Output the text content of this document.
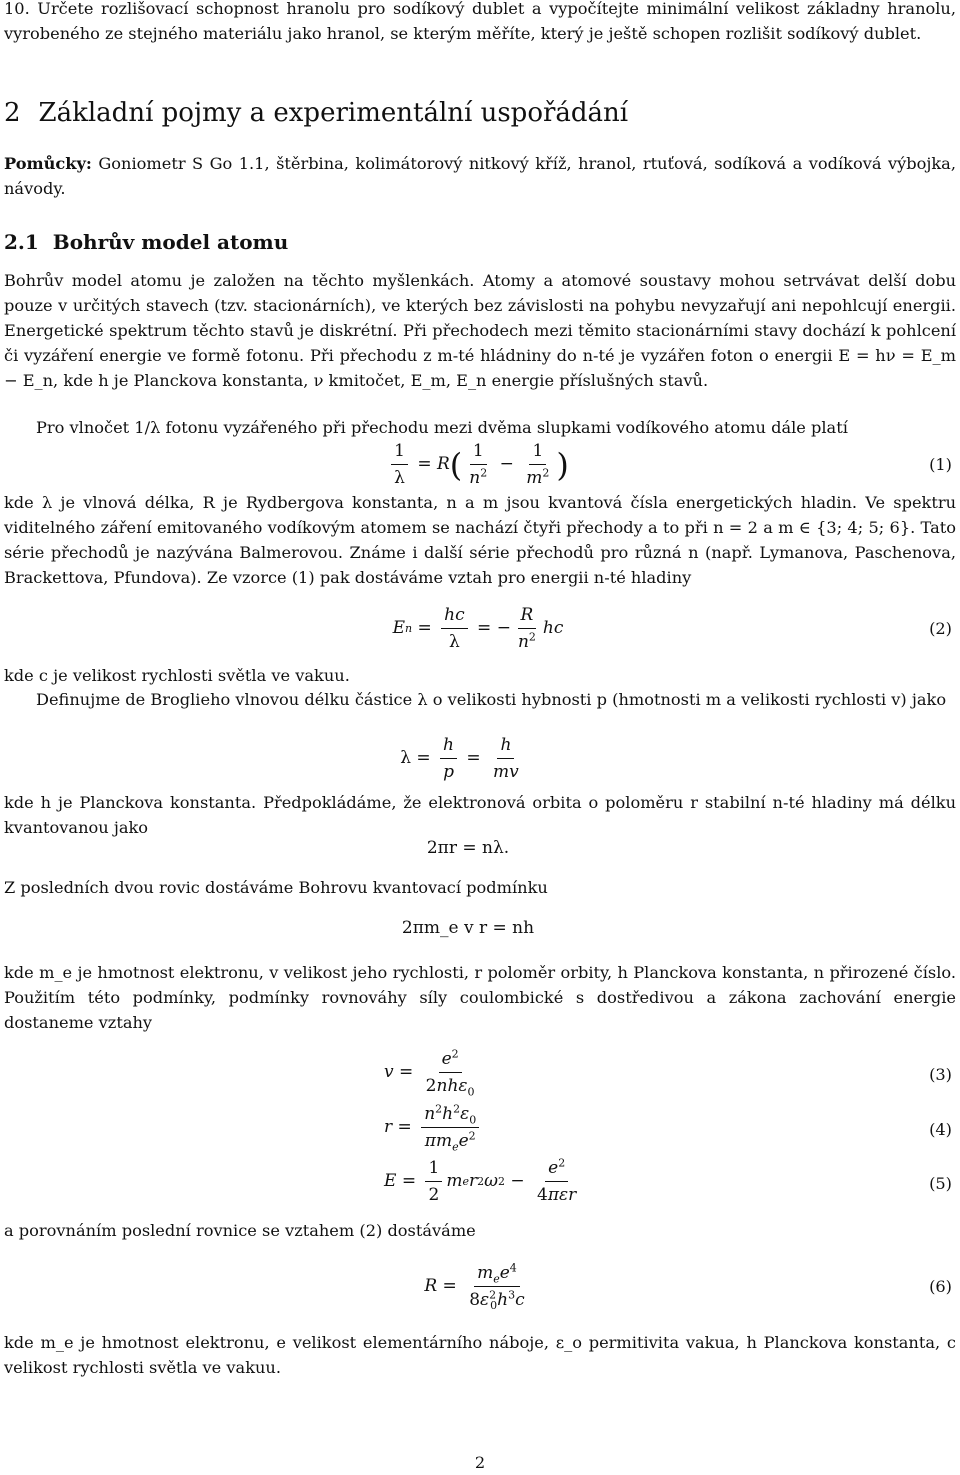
10. Určete rozlišovací schopnost hranolu pro sodíkový dublet a vypočítejte minimální velikost základny hranolu, vyrobeného ze stejného materiálu jako hranol, se kterým měříte, který je ještě schopen rozlišit sodíkový dublet.

2 Základní pojmy a experimentální uspořádání

Pomůcky: Goniometr S Go 1.1, štěrbina, kolimátorový nitkový kříž, hranol, rtuťová, sodíková a vodíková výbojka, návody.

2.1 Bohrův model atomu

Bohrův model atomu je založen na těchto myšlenkách. Atomy a atomové soustavy mohou setrvávat delší dobu pouze v určitých stavech (tzv. stacionárních), ve kterých bez závislosti na pohybu nevyzařují ani nepohlcují energii. Energetické spektrum těchto stavů je diskrétní. Při přechodech mezi těmito stacionárními stavy dochází k pohlcení či vyzáření energie ve formě fotonu. Při přechodu z m-té hládniny do n-té je vyzářen foton o energii E = hν = E_m − E_n, kde h je Planckova konstanta, ν kmitočet, E_m, E_n energie příslušných stavů.

Pro vlnočet 1/λ fotonu vyzářeného při přechodu mezi dvěma slupkami vodíkového atomu dále platí

$\frac{1}{\lambda} = R$ ( $\frac{1}{n^2} - \frac{1}{m^2}$ )	(1)

kde λ je vlnová délka, R je Rydbergova konstanta, n a m jsou kvantová čísla energetických hladin. Ve spektru viditelného záření emitovaného vodíkovým atomem se nachází čtyři přechody a to při n = 2 a m ∈ {3; 4; 5; 6}. Tato série přechodů je nazývána Balmerovou. Známe i další série přechodů pro různá n (např. Lymanova, Paschenova, Brackettova, Pfundova). Ze vzorce (1) pak dostáváme vztah pro energii n-té hladiny

E $n = \frac{hc}{\lambda}$ = − $\frac{R}{n^2}$ hc	(2)

kde c je velikost rychlosti světla ve vakuu.

Definujme de Broglieho vlnovou délku částice λ o velikosti hybnosti p (hmotnosti m a velikosti rychlosti v) jako

$\lambda = \frac{h}{p} = \frac{h}{mv}$

kde h je Planckova konstanta. Předpokládáme, že elektronová orbita o poloměru r stabilní n-té hladiny má délku kvantovanou jako

2πr = nλ.

Z posledních dvou rovic dostáváme Bohrovu kvantovací podmínku

2πm_e v r = nh

kde m_e je hmotnost elektronu, v velikost jeho rychlosti, r poloměr orbity, h Planckova konstanta, n přirozené číslo. Použitím této podmínky, podmínky rovnováhy síly coulombické s dostředivou a zákona zachování energie dostaneme vztahy

$v = \frac{e^2}{2nh\varepsilon_0}$	(3)
$r = \frac{n^2h^2\varepsilon_0}{\pi m_ee^2}$	(4)
$E = \frac{1}{2}$ m e r 2 ω $2 - \frac{e^2}{\text{4πεr}}$	(5)

a porovnáním poslední rovnice se vztahem (2) dostáváme

$R = \frac{m_ee^4}{8\varepsilon^2_0h^3c}$	(6)

kde m_e je hmotnost elektronu, e velikost elementárního náboje, ε_o permitivita vakua, h Planckova konstanta, c velikost rychlosti světla ve vakuu.

2
